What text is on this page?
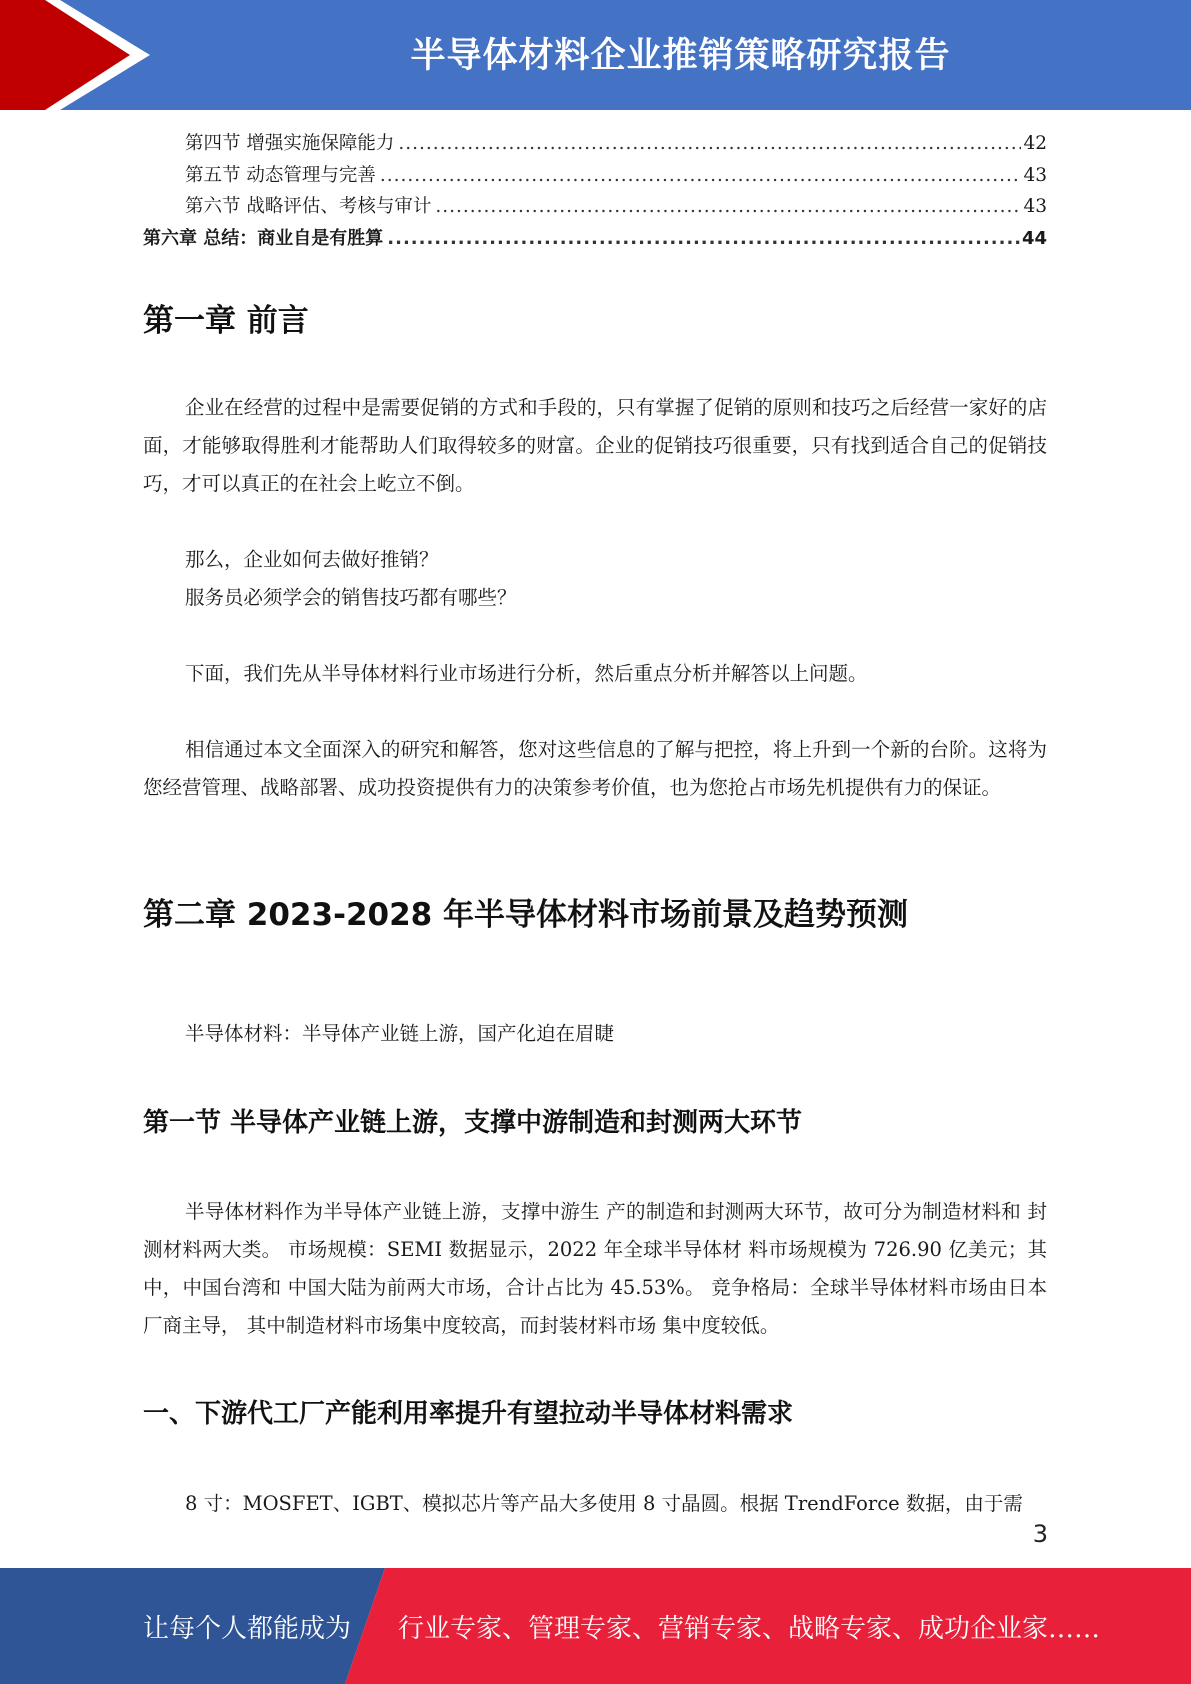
半导体材料企业推销策略研究报告
第四节 增强实施保障能力 .....	42
第五节 动态管理与完善 .....	43
第六节 战略评估、考核与审计 .....	43
第六章 总结：商业自是有胜算 .....	44
第一章 前言

企业在经营的过程中是需要促销的方式和手段的，只有掌握了促销的原则和技巧之后经营一家好的店面，才能够取得胜利才能帮助人们取得较多的财富。企业的促销技巧很重要，只有找到适合自己的促销技巧，才可以真正的在社会上屹立不倒。

那么，企业如何去做好推销？

服务员必须学会的销售技巧都有哪些？

下面，我们先从半导体材料行业市场进行分析，然后重点分析并解答以上问题。

相信通过本文全面深入的研究和解答，您对这些信息的了解与把控，将上升到一个新的台阶。这将为您经营管理、战略部署、成功投资提供有力的决策参考价值，也为您抢占市场先机提供有力的保证。

第二章 2023-2028 年半导体材料市场前景及趋势预测

半导体材料：半导体产业链上游，国产化迫在眉睫

第一节 半导体产业链上游，支撑中游制造和封测两大环节

半导体材料作为半导体产业链上游，支撑中游生 产的制造和封测两大环节，故可分为制造材料和 封测材料两大类。 市场规模：SEMI 数据显示，2022 年全球半导体材 料市场规模为 726.90 亿美元；其中，中国台湾和 中国大陆为前两大市场，合计占比为 45.53%。 竞争格局：全球半导体材料市场由日本厂商主导， 其中制造材料市场集中度较高，而封装材料市场 集中度较低。

一、下游代工厂产能利用率提升有望拉动半导体材料需求

8 寸：MOSFET、IGBT、模拟芯片等产品大多使用 8 寸晶圆。根据 TrendForce 数据，由于需

3
让每个人都能成为 行业专家、管理专家、营销专家、战略专家、成功企业家……
